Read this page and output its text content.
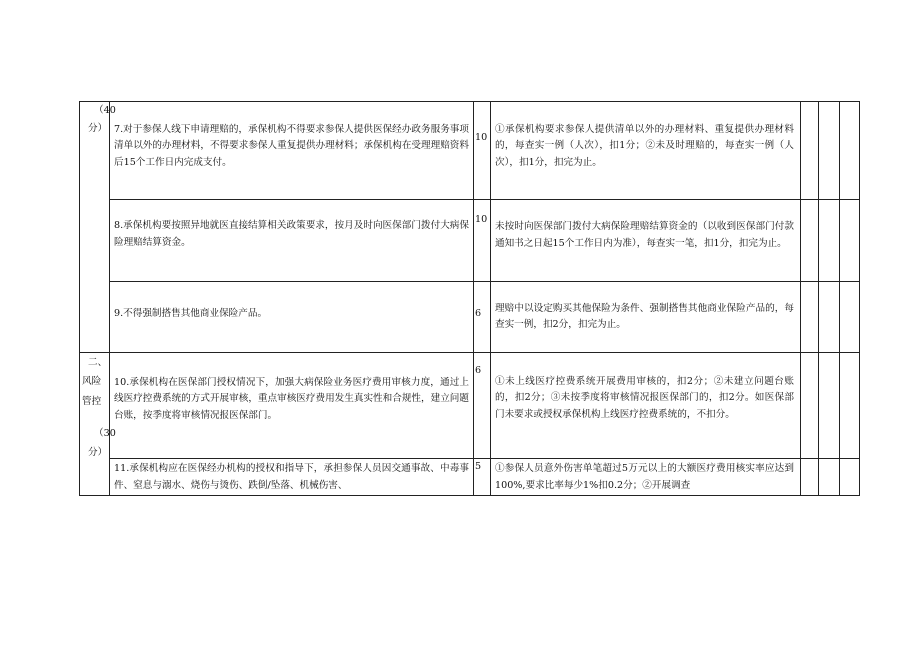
（40
分）	7.对于参保人线下申请理赔的，承保机构不得要求参保人提供医保经办政务服务事项清单以外的办理材料，不得要求参保人重复提供办理材料；承保机构在受理理赔资料后15个工作日内完成支付。	10	①承保机构要求参保人提供清单以外的办理材料、重复提供办理材料的，每查实一例（人次），扣1分；②未及时理赔的，每查实一例（人次），扣1分，扣完为止。			

	8.承保机构要按照异地就医直接结算相关政策要求，按月及时向医保部门拨付大病保险理赔结算资金。	10	未按时向医保部门拨付大病保险理赔结算资金的（以收到医保部门付款通知书之日起15个工作日内为准），每查实一笔，扣1分，扣完为止。			

	9.不得强制搭售其他商业保险产品。	6	理赔中以设定购买其他保险为条件、强制搭售其他商业保险产品的，每查实一例，扣2分，扣完为止。			

二、
风险
管控
（30
分）	10.承保机构在医保部门授权情况下，加强大病保险业务医疗费用审核力度，通过上线医疗控费系统的方式开展审核，重点审核医疗费用发生真实性和合规性，建立问题台账，按季度将审核情况报医保部门。	6	①未上线医疗控费系统开展费用审核的，扣2分；②未建立问题台账的，扣2分；③未按季度将审核情况报医保部门的，扣2分。如医保部门未要求或授权承保机构上线医疗控费系统的，不扣分。			

	11.承保机构应在医保经办机构的授权和指导下，承担参保人员因交通事故、中毒事件、窒息与溺水、烧伤与烫伤、跌倒/坠落、机械伤害、	5	①参保人员意外伤害单笔超过5万元以上的大额医疗费用核实率应达到100%,要求比率每少1%扣0.2分；②开展调查			
